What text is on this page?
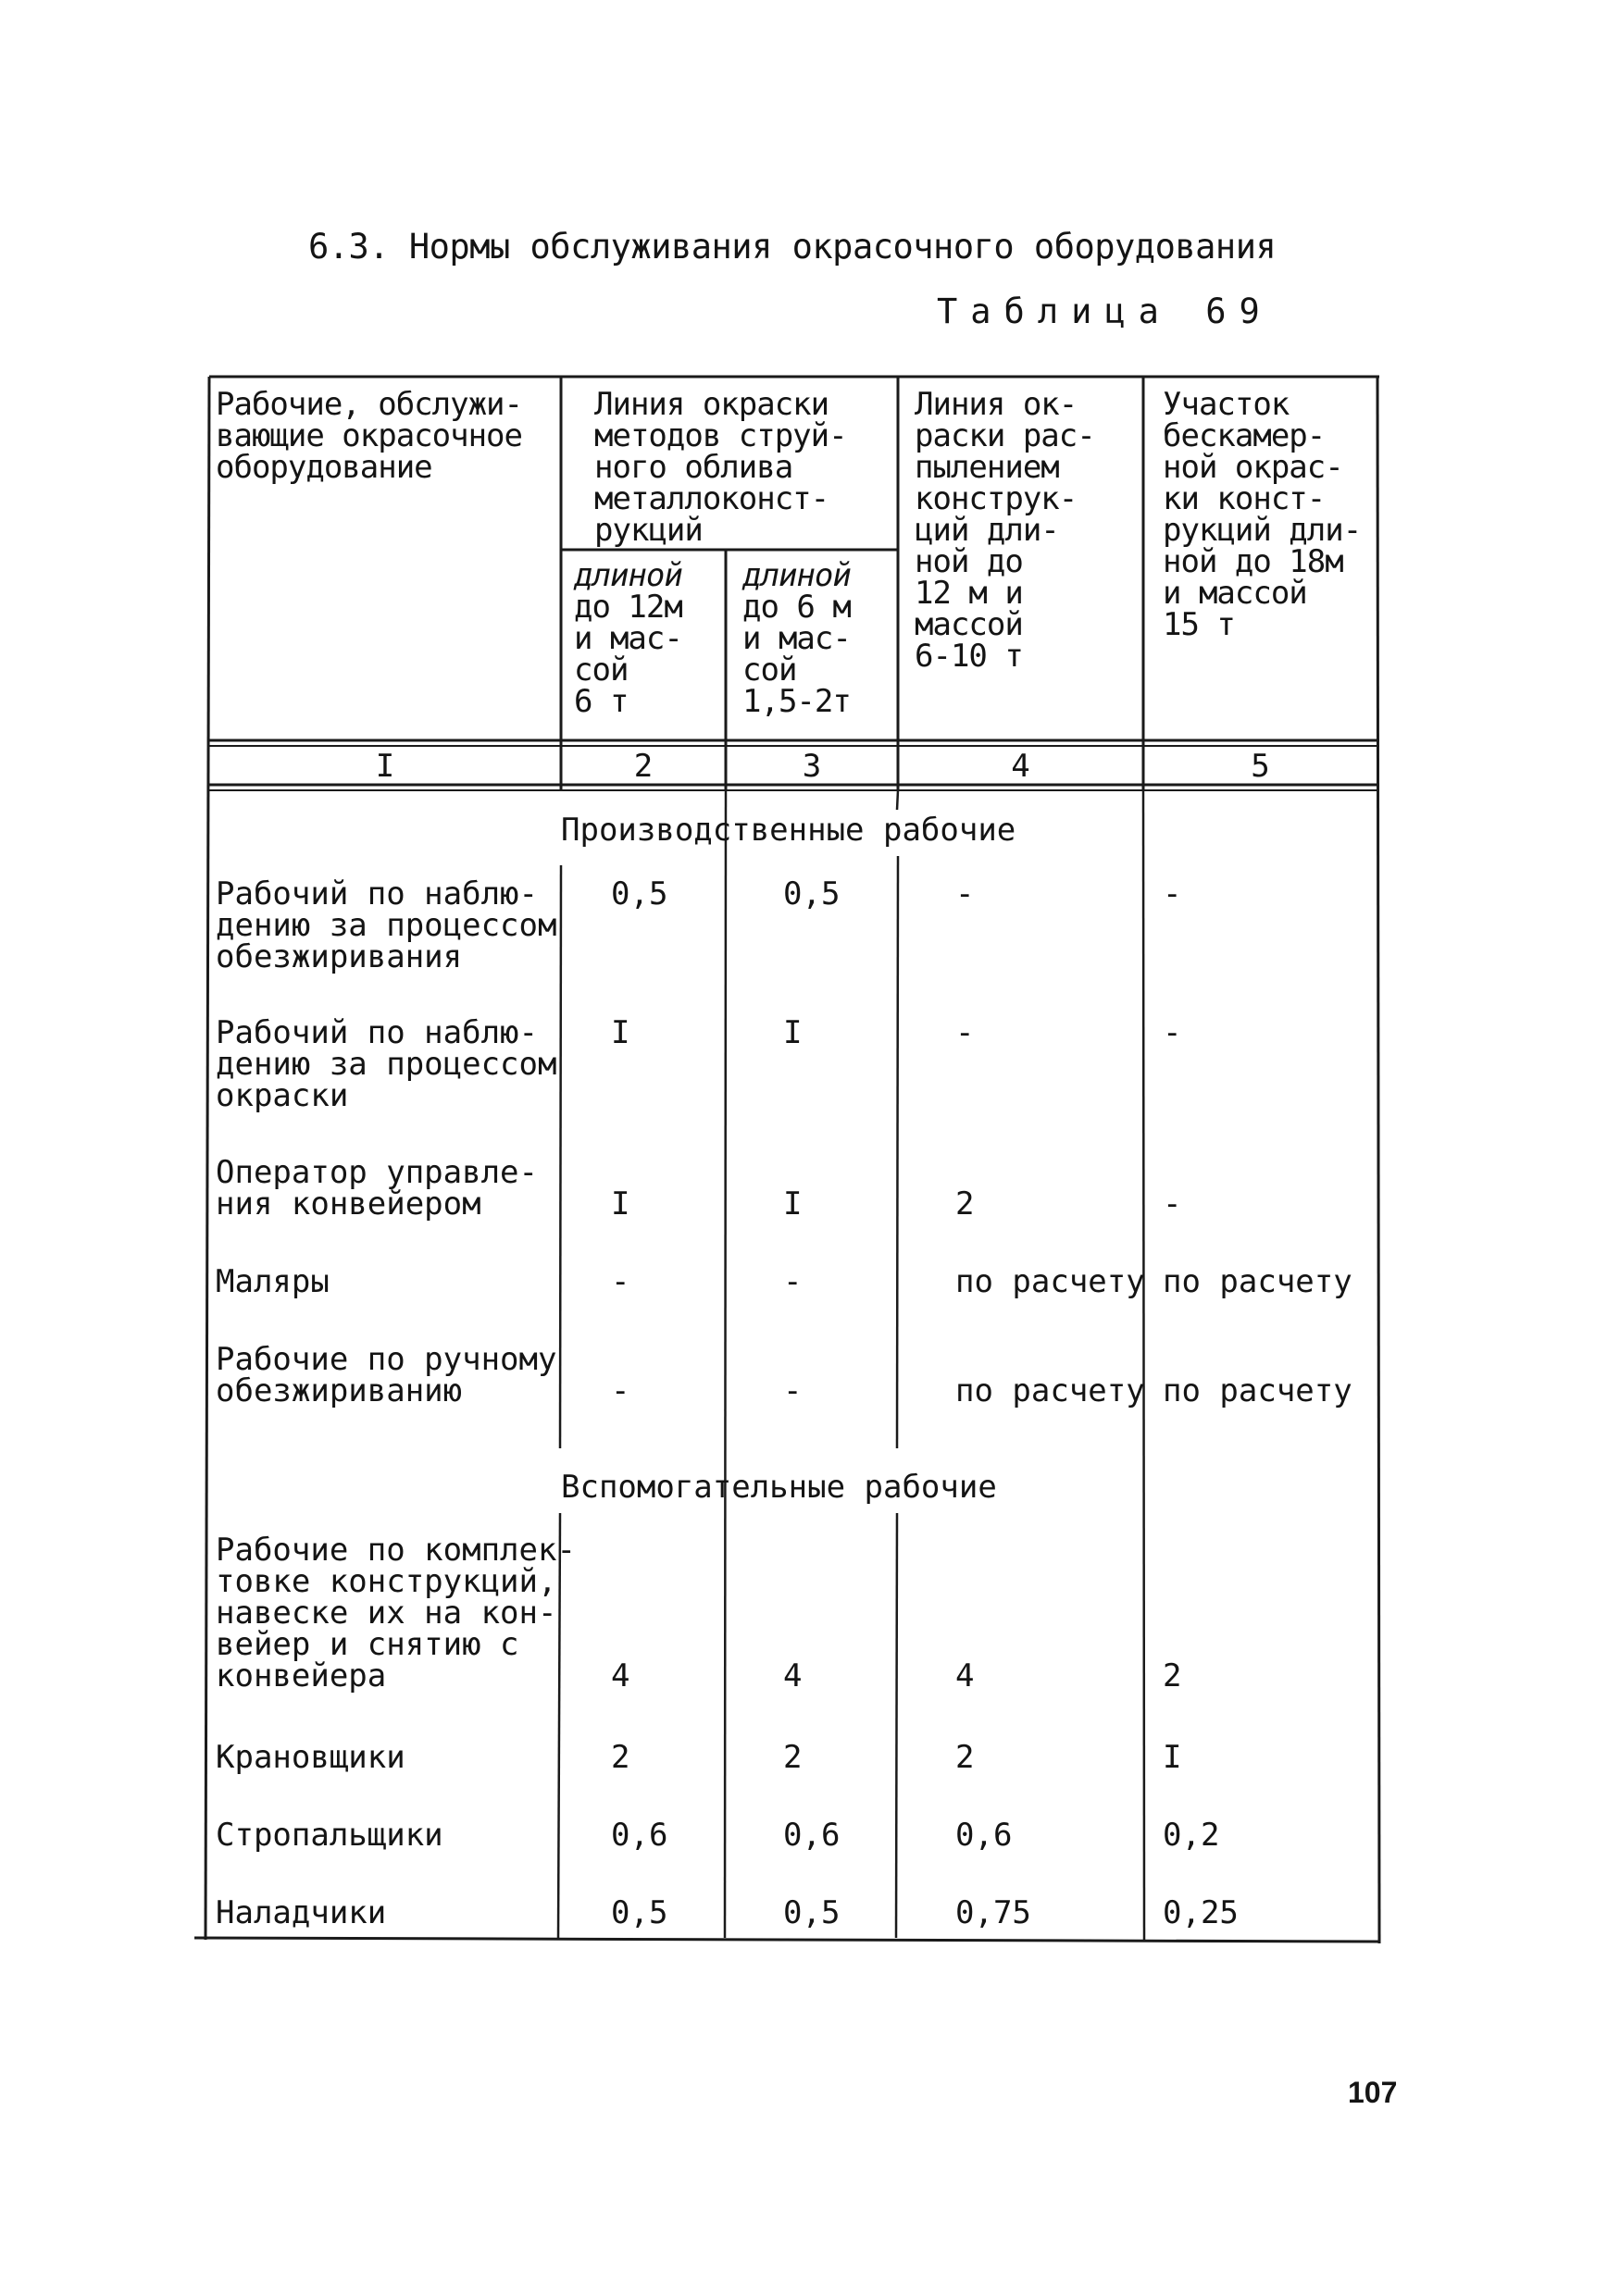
6.3. Нормы обслуживания окрасочного оборудования
Таблица 69
Рабочие, обслужи-
вающие окрасочное
оборудование
Линия окраски
методов струй-
ного облива
металлоконст-
рукций
длиной
до 12м
и мас-
сой
6 т
длиной
до 6 м
и мас-
сой
1,5-2т
Линия ок-
раски рас-
пылением
конструк-
ций дли-
ной до
12 м и
массой
6-10 т
Участок
бескамер-
ной окрас-
ки конст-
рукций дли-
ной до 18м
и массой
15 т
I	2	3	4	5
Производственные рабочие
Рабочий по наблю-
дению за процессом
обезжиривания
0,5	0,5	-	-
Рабочий по наблю-
дению за процессом
окраски
I	I	-	-
Оператор управле-
ния конвейером	I	I	2	-
Маляры	-	-	по расчету по расчету
Рабочие по ручному
обезжириванию	-	-	по расчету по расчету
Вспомогательные рабочие
Рабочие по комплек-
товке конструкций,
навеске их на кон-
вейер и снятию с
конвейера	4	4	4	2
Крановщики	2	2	2	I
Стропальщики	0,6	0,6	0,6	0,2
Наладчики	0,5	0,5	0,75	0,25
107
